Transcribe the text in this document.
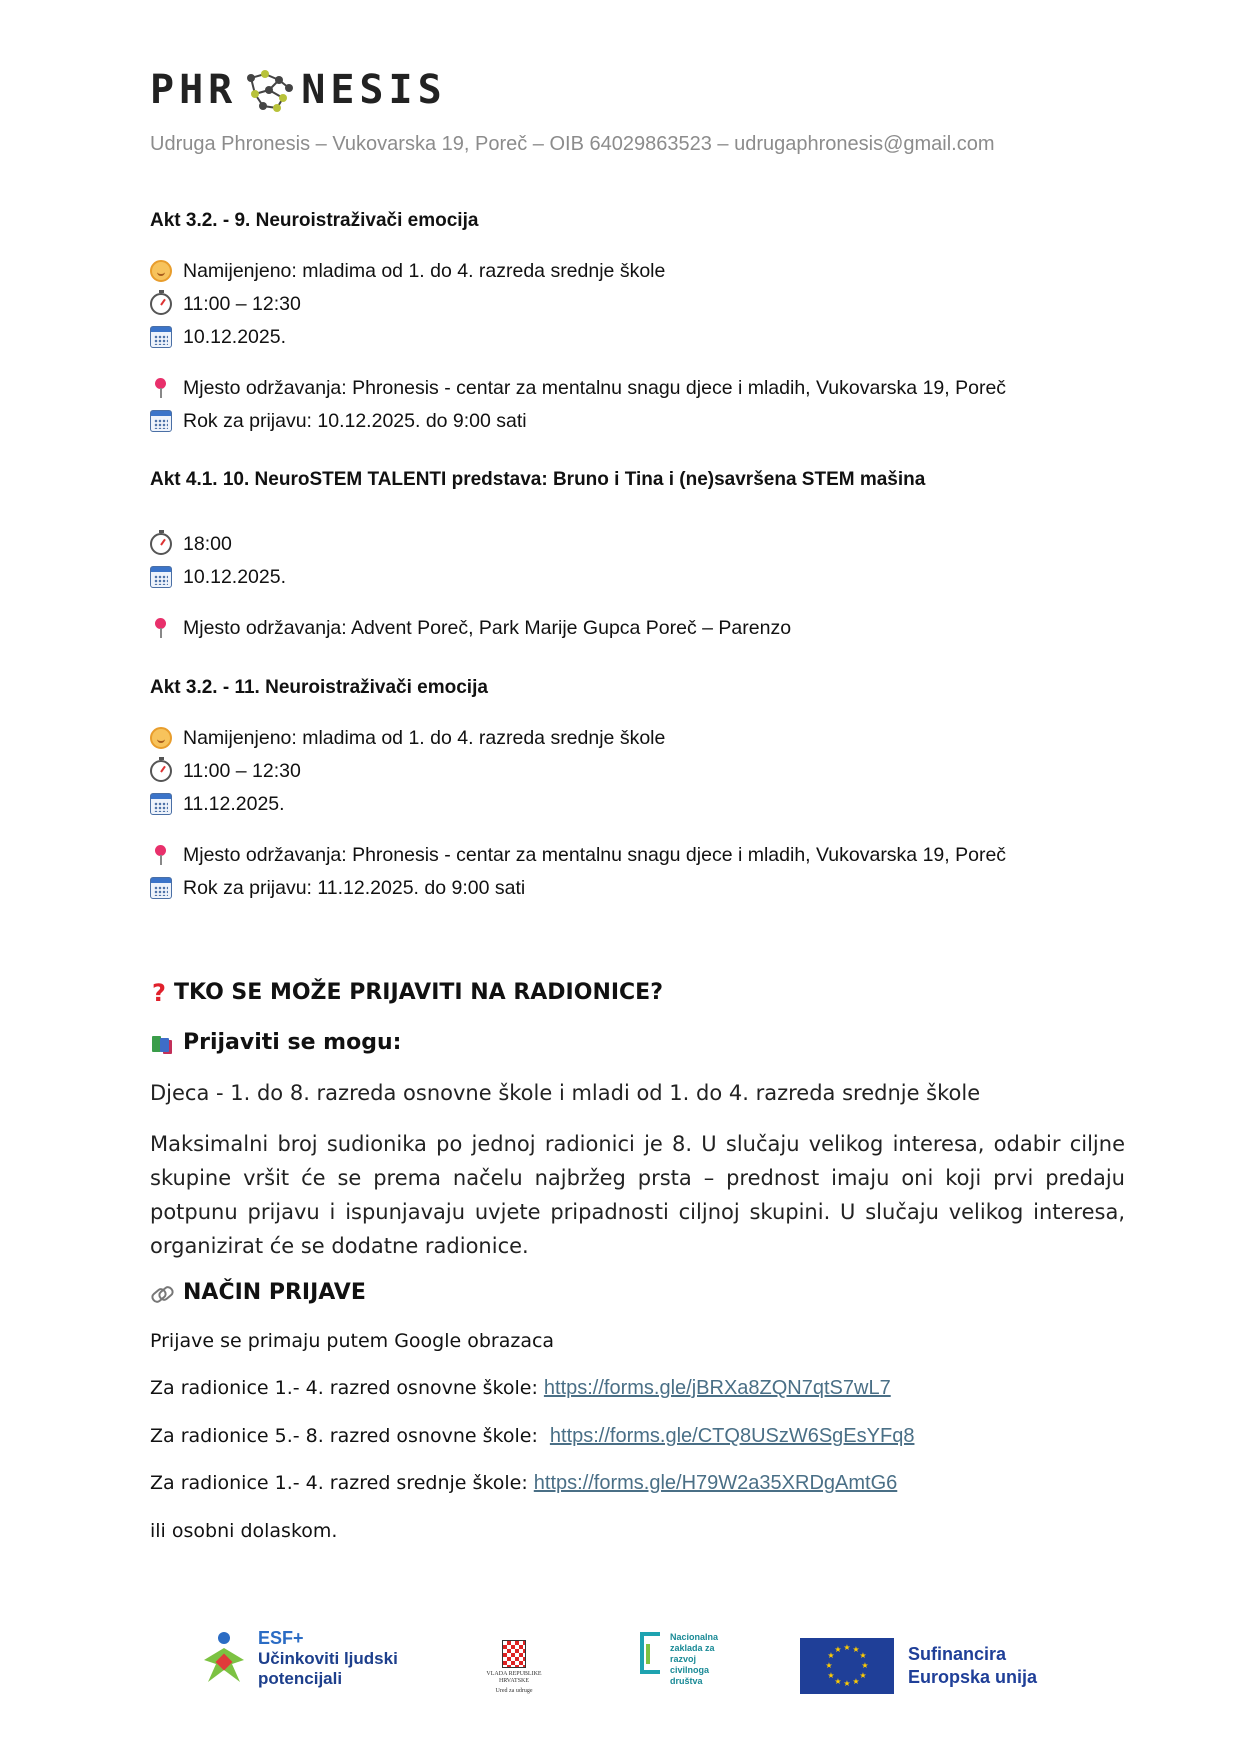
PHR NESIS
Udruga Phronesis – Vukovarska 19, Poreč – OIB 64029863523 – udrugaphronesis@gmail.com
Akt 3.2. - 9. Neuroistraživači emocija
Namijenjeno: mladima od 1. do 4. razreda srednje škole
11:00 – 12:30
10.12.2025.
Mjesto održavanja: Phronesis - centar za mentalnu snagu djece i mladih, Vukovarska 19, Poreč
Rok za prijavu: 10.12.2025. do 9:00 sati
Akt 4.1. 10. NeuroSTEM TALENTI predstava: Bruno i Tina i (ne)savršena STEM mašina
18:00
10.12.2025.
Mjesto održavanja: Advent Poreč, Park Marije Gupca Poreč – Parenzo
Akt 3.2. - 11. Neuroistraživači emocija
Namijenjeno: mladima od 1. do 4. razreda srednje škole
11:00 – 12:30
11.12.2025.
Mjesto održavanja: Phronesis - centar za mentalnu snagu djece i mladih, Vukovarska 19, Poreč
Rok za prijavu: 11.12.2025. do 9:00 sati
? TKO SE MOŽE PRIJAVITI NA RADIONICE?
Prijaviti se mogu:
Djeca - 1. do 8. razreda osnovne škole i mladi od 1. do 4. razreda srednje škole
Maksimalni broj sudionika po jednoj radionici je 8. U slučaju velikog interesa, odabir ciljne skupine vršit će se prema načelu najbržeg prsta – prednost imaju oni koji prvi predaju potpunu prijavu i ispunjavaju uvjete pripadnosti ciljnoj skupini. U slučaju velikog interesa, organizirat će se dodatne radionice.
NAČIN PRIJAVE
Prijave se primaju putem Google obrazaca
Za radionice 1.- 4. razred osnovne škole: https://forms.gle/jBRXa8ZQN7qtS7wL7
Za radionice 5.- 8. razred osnovne škole: https://forms.gle/CTQ8USzW6SgEsYFq8
Za radionice 1.- 4. razred srednje škole: https://forms.gle/H79W2a35XRDgAmtG6
ili osobni dolaskom.
ESF+
Učinkoviti ljudski
potencijali	VLADA REPUBLIKE HRVATSKE
Ured za udruge
Nacionalna
zaklada za
razvoj
civilnoga
društva
★ ★
★
★
★
★
★
★
★
★
★
★	Sufinancira
Europska unija
